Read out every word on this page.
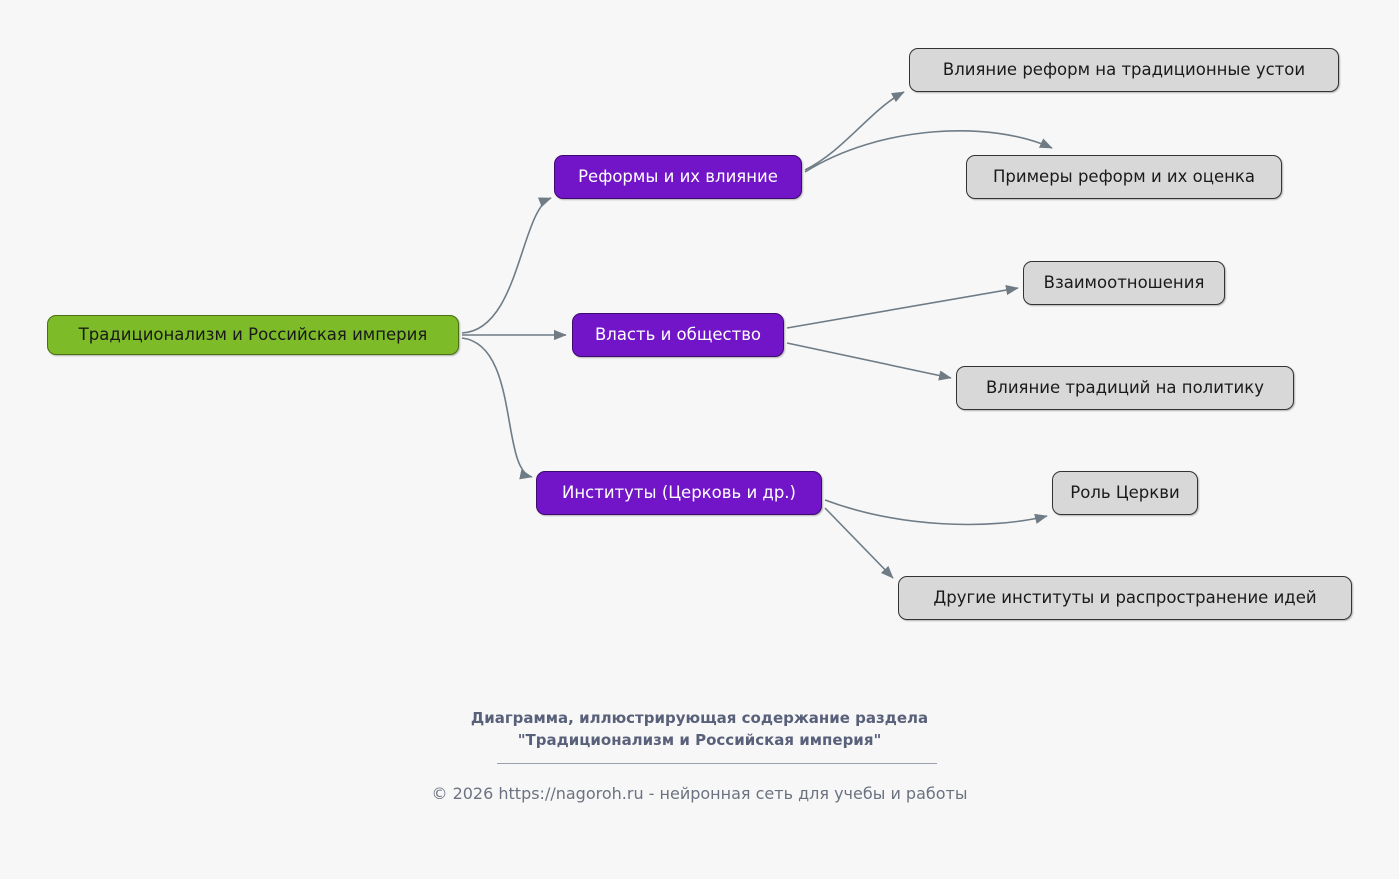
Традиционализм и Российская империя
Реформы и их влияние
Власть и общество
Институты (Церковь и др.)
Влияние реформ на традиционные устои
Примеры реформ и их оценка
Взаимоотношения
Влияние традиций на политику
Роль Церкви
Другие институты и распространение идей
Диаграмма, иллюстрирующая содержание раздела
"Традиционализм и Российская империя"
© 2026 https://nagoroh.ru - нейронная сеть для учебы и работы
